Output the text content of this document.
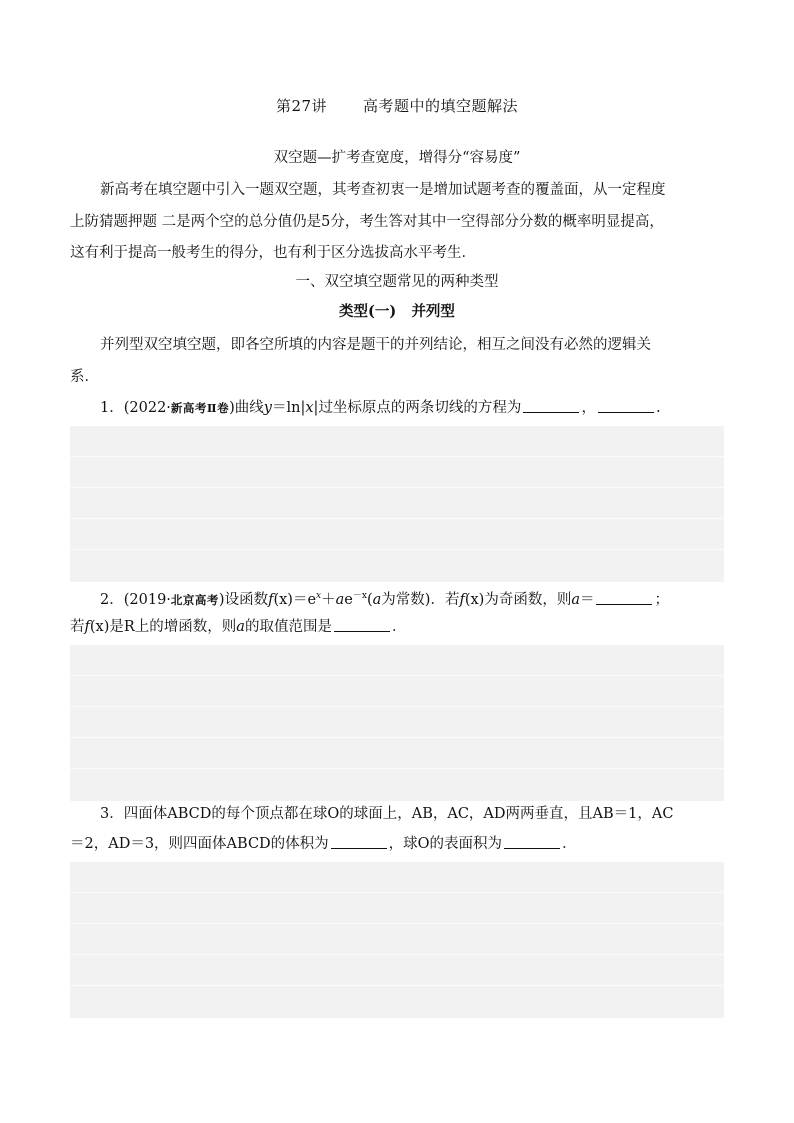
第27讲 高考题中的填空题解法
双空题—扩考查宽度，增得分“容易度”
新高考在填空题中引入一题双空题，其考查初衷一是增加试题考查的覆盖面，从一定程度
上防猜题押题 二是两个空的总分值仍是5分，考生答对其中一空得部分分数的概率明显提高，
这有利于提高一般考生的得分，也有利于区分选拔高水平考生．
一、双空填空题常见的两种类型
类型(一) 并列型
并列型双空填空题，即各空所填的内容是题干的并列结论，相互之间没有必然的逻辑关
系．
1．(2022·新高考Ⅱ卷)曲线y＝ln|x|过坐标原点的两条切线的方程为	，	.
2．(2019·北京高考)设函数$f(x)=e^x+ae^{-x}(a$为常数)．若f(x)为奇函数，则a＝	；
若f(x)是R上的增函数，则a的取值范围是	．
3．四面体ABCD的每个顶点都在球O的球面上，AB，AC，AD两两垂直，且AB＝1，AC
＝2，AD＝3，则四面体ABCD的体积为	，球O的表面积为	．
